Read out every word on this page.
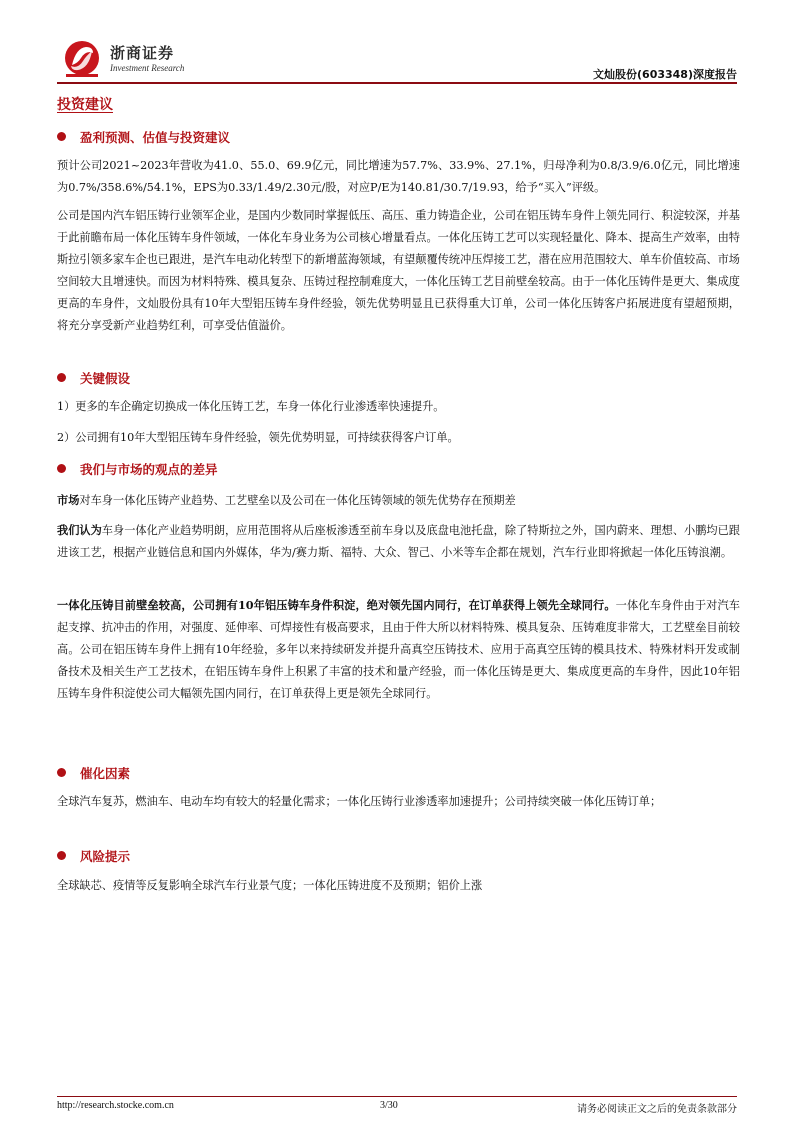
浙商证券
Investment Research	文灿股份(603348)深度报告
投资建议
盈利预测、估值与投资建议
预计公司2021~2023年营收为41.0、55.0、69.9亿元，同比增速为57.7%、33.9%、27.1%，归母净利为0.8/3.9/6.0亿元，同比增速为0.7%/358.6%/54.1%，EPS为0.33/1.49/2.30元/股，对应P/E为140.81/30.7/19.93，给予“买入”评级。
公司是国内汽车铝压铸行业领军企业，是国内少数同时掌握低压、高压、重力铸造企业，公司在铝压铸车身件上领先同行、积淀较深，并基于此前瞻布局一体化压铸车身件领域，一体化车身业务为公司核心增量看点。一体化压铸工艺可以实现轻量化、降本、提高生产效率，由特斯拉引领多家车企也已跟进，是汽车电动化转型下的新增蓝海领域，有望颠覆传统冲压焊接工艺，潜在应用范围较大、单车价值较高、市场空间较大且增速快。而因为材料特殊、模具复杂、压铸过程控制难度大，一体化压铸工艺目前壁垒较高。由于一体化压铸件是更大、集成度更高的车身件，文灿股份具有10年大型铝压铸车身件经验，领先优势明显且已获得重大订单，公司一体化压铸客户拓展进度有望超预期，将充分享受新产业趋势红利，可享受估值溢价。
关键假设
1）更多的车企确定切换成一体化压铸工艺，车身一体化行业渗透率快速提升。
2）公司拥有10年大型铝压铸车身件经验，领先优势明显，可持续获得客户订单。
我们与市场的观点的差异
市场对车身一体化压铸产业趋势、工艺壁垒以及公司在一体化压铸领域的领先优势存在预期差
我们认为车身一体化产业趋势明朗，应用范围将从后座板渗透至前车身以及底盘电池托盘，除了特斯拉之外，国内蔚来、理想、小鹏均已跟进该工艺，根据产业链信息和国内外媒体，华为/赛力斯、福特、大众、智己、小米等车企都在规划，汽车行业即将掀起一体化压铸浪潮。
一体化压铸目前壁垒较高，公司拥有10年铝压铸车身件积淀，绝对领先国内同行，在订单获得上领先全球同行。一体化车身件由于对汽车起支撑、抗冲击的作用，对强度、延伸率、可焊接性有极高要求，且由于件大所以材料特殊、模具复杂、压铸难度非常大，工艺壁垒目前较高。公司在铝压铸车身件上拥有10年经验，多年以来持续研发并提升高真空压铸技术、应用于高真空压铸的模具技术、特殊材料开发或制备技术及相关生产工艺技术，在铝压铸车身件上积累了丰富的技术和量产经验，而一体化压铸是更大、集成度更高的车身件，因此10年铝压铸车身件积淀使公司大幅领先国内同行，在订单获得上更是领先全球同行。
催化因素
全球汽车复苏，燃油车、电动车均有较大的轻量化需求；一体化压铸行业渗透率加速提升；公司持续突破一体化压铸订单；
风险提示
全球缺芯、疫情等反复影响全球汽车行业景气度；一体化压铸进度不及预期；铝价上涨
http://research.stocke.com.cn	3/30	请务必阅读正文之后的免责条款部分
